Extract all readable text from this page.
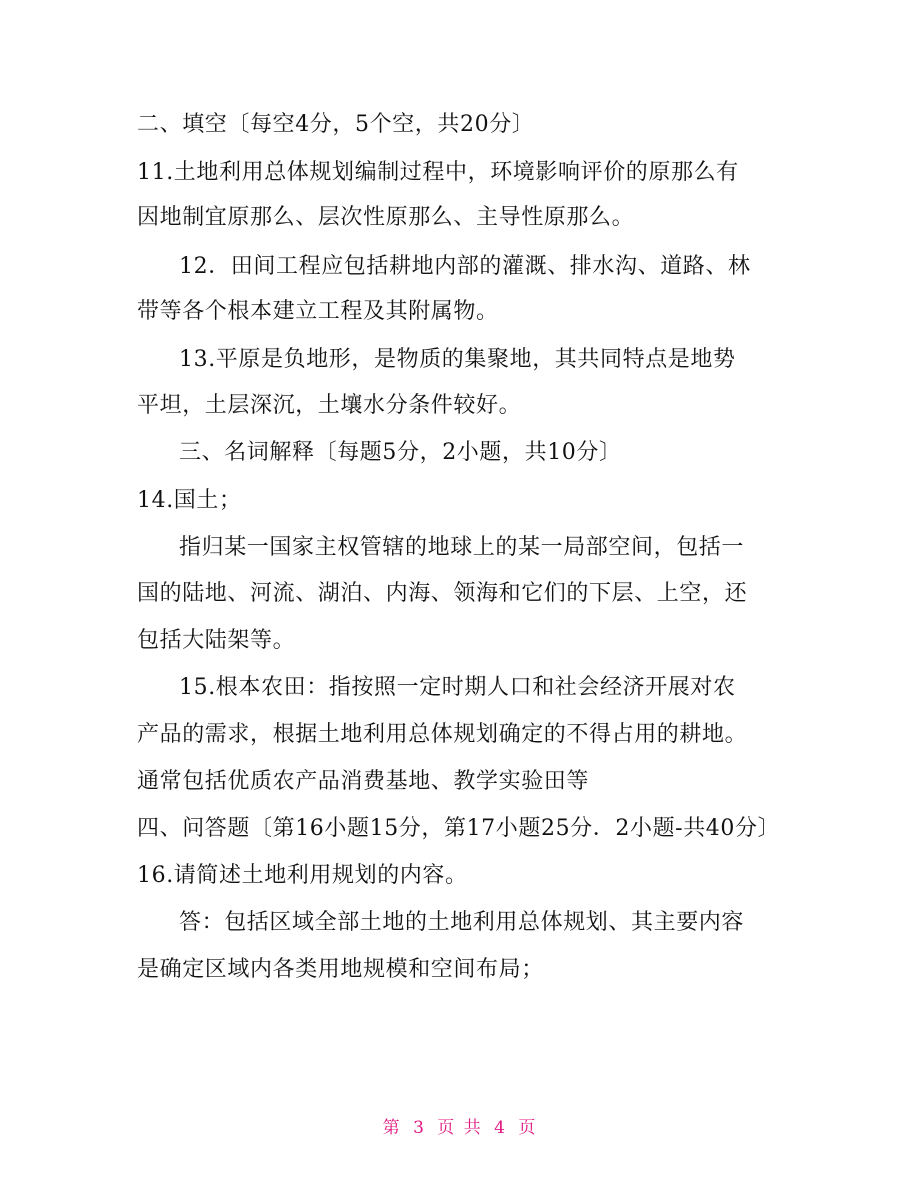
二、填空〔每空4分，5个空，共20分〕
11.土地利用总体规划编制过程中，环境影响评价的原那么有
因地制宜原那么、层次性原那么、主导性原那么。
12．田间工程应包括耕地内部的灌溉、排水沟、道路、林
带等各个根本建立工程及其附属物。
13.平原是负地形，是物质的集聚地，其共同特点是地势
平坦，土层深沉，土壤水分条件较好。
三、名词解释〔每题5分，2小题，共10分〕
14.国土；
指归某一国家主权管辖的地球上的某一局部空间，包括一
国的陆地、河流、湖泊、内海、领海和它们的下层、上空，还
包括大陆架等。
15.根本农田：指按照一定时期人口和社会经济开展对农
产品的需求，根据土地利用总体规划确定的不得占用的耕地。
通常包括优质农产品消费基地、教学实验田等
四、问答题〔第16小题15分，第17小题25分．2小题-共40分〕
16.请简述土地利用规划的内容。
答：包括区域全部土地的土地利用总体规划、其主要内容
是确定区域内各类用地规模和空间布局；
第 3 页 共 4 页
